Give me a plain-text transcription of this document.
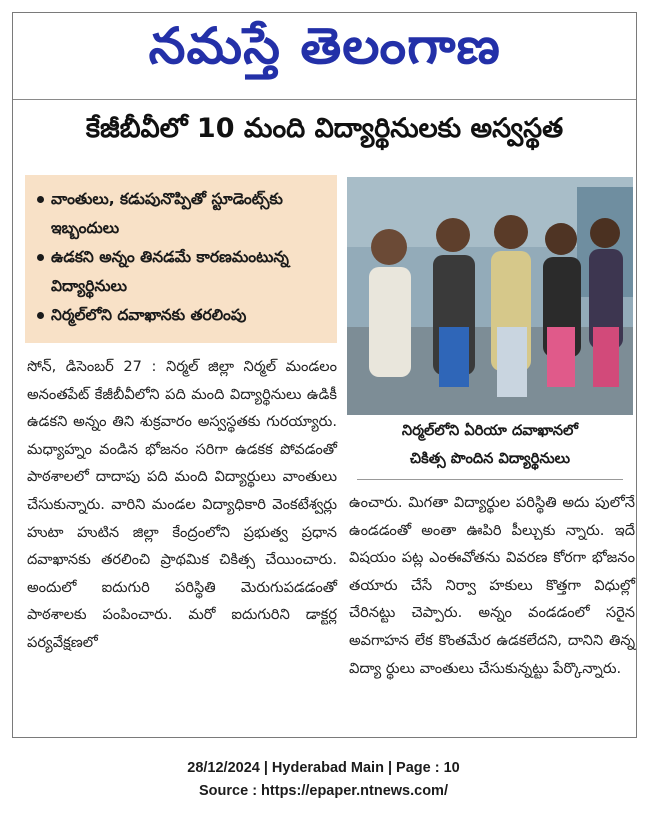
నమస్తే తెలంగాణ
కేజీబీవీలో 10 మంది విద్యార్థినులకు అస్వస్థత
వాంతులు, కడుపునొప్పితో స్టూడెంట్స్‌కు ఇబ్బందులు
ఉడకని అన్నం తినడమే కారణమంటున్న విద్యార్థినులు
నిర్మల్‌లోని దవాఖానకు తరలింపు

సోన్, డిసెంబర్ 27 : నిర్మల్ జిల్లా నిర్మల్ మండలం అనంతపేట్ కేజీబీవీలోని పది మంది విద్యార్థినులు ఉడికీ ఉడకని అన్నం తిని శుక్రవారం అస్వస్థతకు గురయ్యారు. మధ్యాహ్నం వండిన భోజనం సరిగా ఉడకక పోవడంతో పాఠశాలలో దాదాపు పది మంది విద్యార్థులు వాంతులు చేసుకున్నారు. వారిని మండల విద్యాధికారి వెంకటేశ్వర్లు హుటా హుటిన జిల్లా కేంద్రంలోని ప్రభుత్వ ప్రధాన దవాఖానకు తరలించి ప్రాథమిక చికిత్స చేయించారు. అందులో ఐదుగురి పరిస్థితి మెరుగుపడడంతో పాఠశాలకు పంపించారు. మరో ఐదుగురిని డాక్టర్ల పర్యవేక్షణలో

నిర్మల్‌లోని ఏరియా దవాఖానలో
చికిత్స పొందిన విద్యార్థినులు

ఉంచారు. మిగతా విద్యార్థుల పరిస్థితి అదు పులోనే ఉండడంతో అంతా ఊపిరి పీల్చుకు న్నారు. ఇదే విషయం పట్ల ఎంఈవోతను వివరణ కోరగా భోజనం తయారు చేసే నిర్వా హకులు కొత్తగా విధుల్లో చేరినట్టు చెప్పారు. అన్నం వండడంలో సరైన అవగాహన లేక కొంతమేర ఉడకలేదని, దానిని తిన్న విద్యా ర్థులు వాంతులు చేసుకున్నట్టు పేర్కొన్నారు.

28/12/2024 | Hyderabad Main | Page : 10
Source : https://epaper.ntnews.com/
